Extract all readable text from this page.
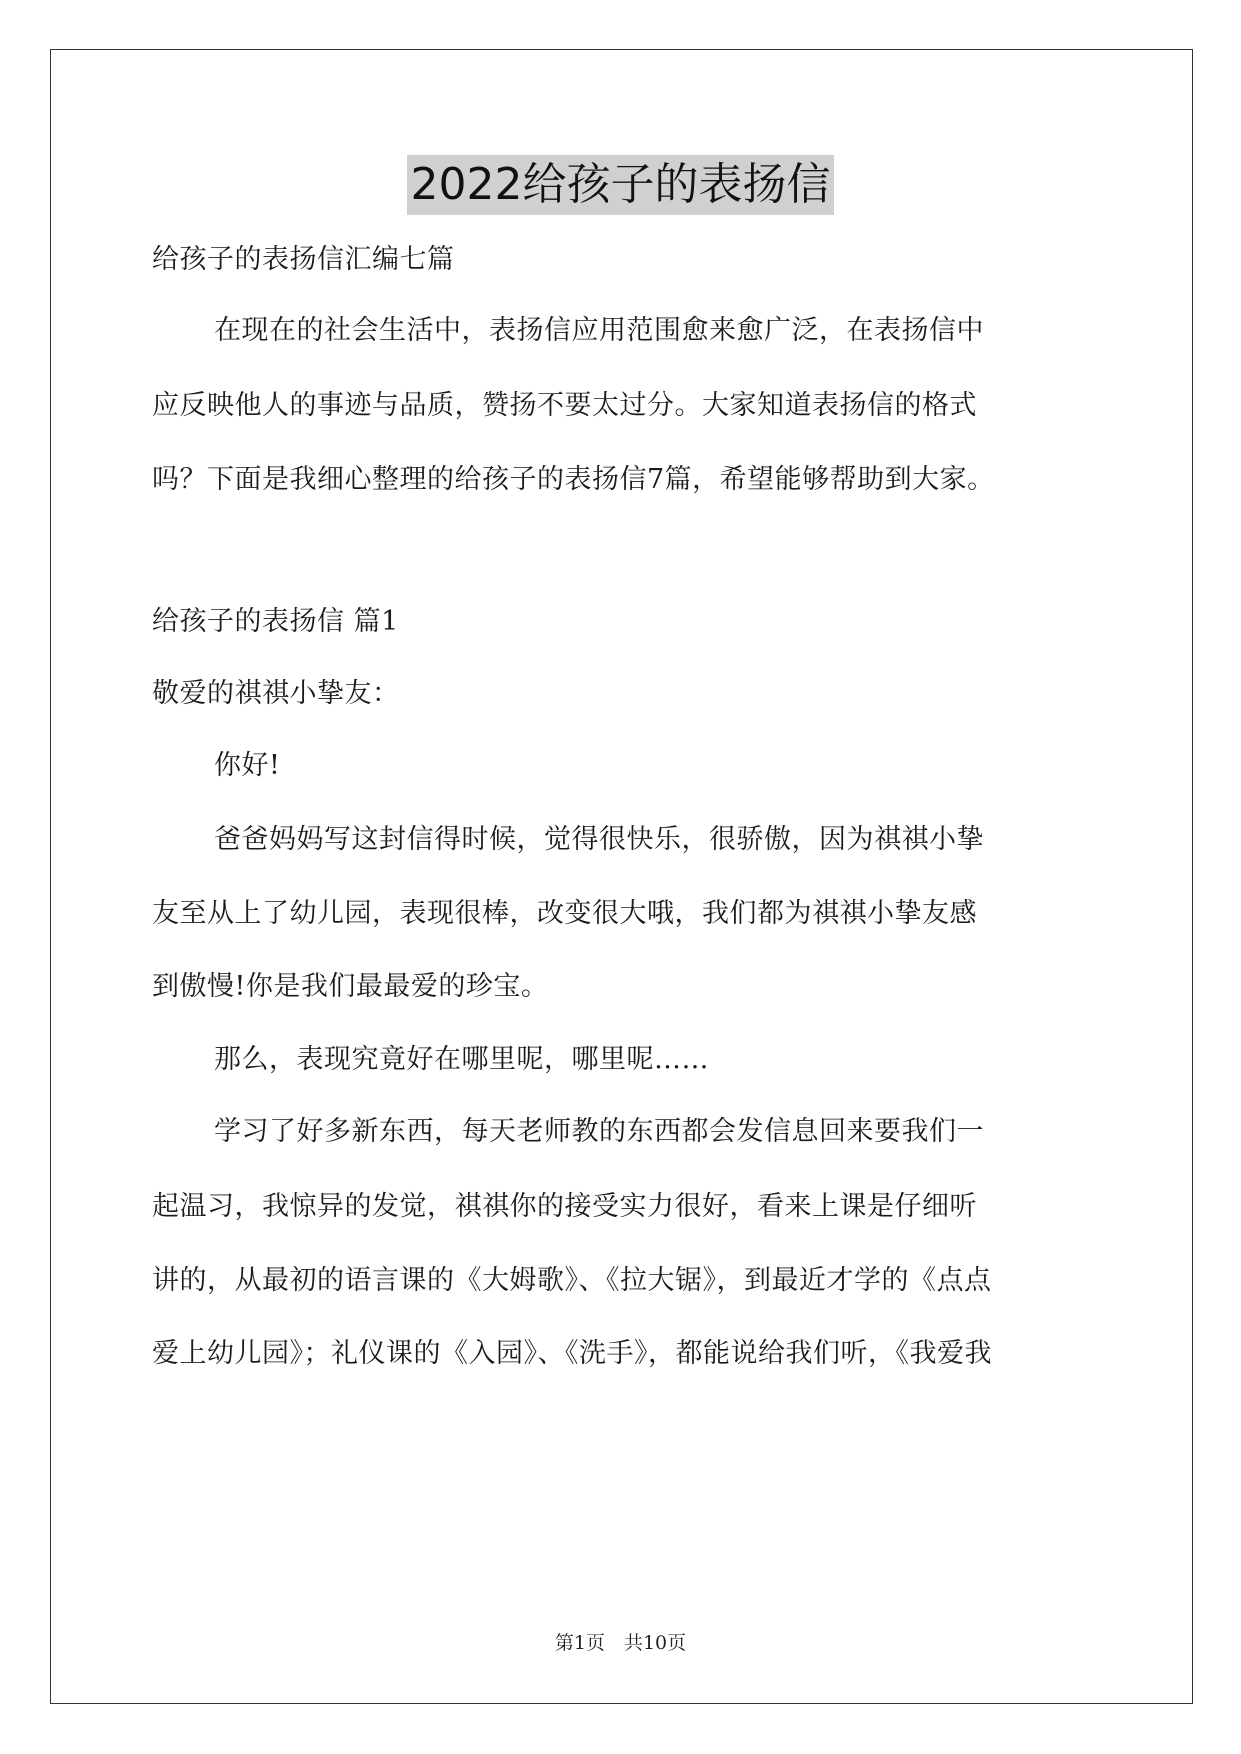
2022给孩子的表扬信
给孩子的表扬信汇编七篇
在现在的社会生活中，表扬信应用范围愈来愈广泛，在表扬信中
应反映他人的事迹与品质，赞扬不要太过分。大家知道表扬信的格式
吗？下面是我细心整理的给孩子的表扬信7篇，希望能够帮助到大家。
给孩子的表扬信 篇1
敬爱的祺祺小挚友：
你好!
爸爸妈妈写这封信得时候，觉得很快乐，很骄傲，因为祺祺小挚
友至从上了幼儿园，表现很棒，改变很大哦，我们都为祺祺小挚友感
到傲慢!你是我们最最爱的珍宝。
那么，表现究竟好在哪里呢，哪里呢……
学习了好多新东西，每天老师教的东西都会发信息回来要我们一
起温习，我惊异的发觉，祺祺你的接受实力很好，看来上课是仔细听
讲的，从最初的语言课的《大姆歌》、《拉大锯》，到最近才学的《点点
爱上幼儿园》；礼仪课的《入园》、《洗手》，都能说给我们听，《我爱我
第1页　共10页
